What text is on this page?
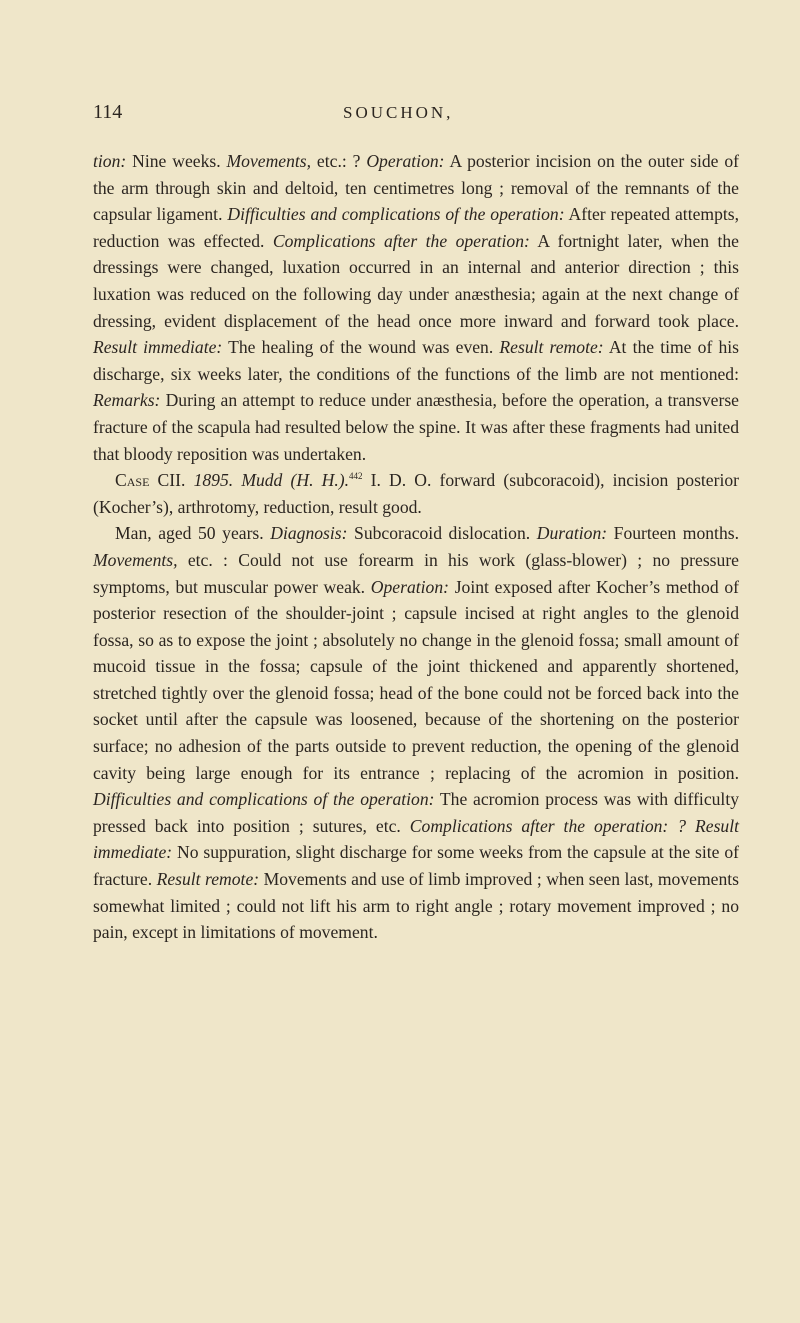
114	SOUCHON,

tion: Nine weeks. Movements, etc.: ? Operation: A posterior incision on the outer side of the arm through skin and deltoid, ten centimetres long ; removal of the remnants of the capsular ligament. Difficulties and complications of the operation: After repeated attempts, reduction was effected. Complications after the operation: A fortnight later, when the dressings were changed, luxation occurred in an internal and anterior direction ; this luxation was reduced on the following day under anæsthesia; again at the next change of dressing, evident displacement of the head once more inward and forward took place. Result immediate: The healing of the wound was even. Result remote: At the time of his discharge, six weeks later, the conditions of the functions of the limb are not mentioned: Remarks: During an attempt to reduce under anæsthesia, before the operation, a transverse fracture of the scapula had resulted below the spine. It was after these fragments had united that bloody reposition was undertaken.

Case CII. 1895. Mudd (H. H.).$^{442}$ I. D. O. forward (subcoracoid), incision posterior (Kocher’s), arthrotomy, reduction, result good.

Man, aged 50 years. Diagnosis: Subcoracoid dislocation. Duration: Fourteen months. Movements, etc. : Could not use forearm in his work (glass-blower) ; no pressure symptoms, but muscular power weak. Operation: Joint exposed after Kocher’s method of posterior resection of the shoulder-joint ; capsule incised at right angles to the glenoid fossa, so as to expose the joint ; absolutely no change in the glenoid fossa; small amount of mucoid tissue in the fossa; capsule of the joint thickened and apparently shortened, stretched tightly over the glenoid fossa; head of the bone could not be forced back into the socket until after the capsule was loosened, because of the shortening on the posterior surface; no adhesion of the parts outside to prevent reduction, the opening of the glenoid cavity being large enough for its entrance ; replacing of the acromion in position. Difficulties and complications of the operation: The acromion process was with difficulty pressed back into position ; sutures, etc. Complications after the operation: ? Result immediate: No suppuration, slight discharge for some weeks from the capsule at the site of fracture. Result remote: Movements and use of limb improved ; when seen last, movements somewhat limited ; could not lift his arm to right angle ; rotary movement improved ; no pain, except in limitations of movement.
